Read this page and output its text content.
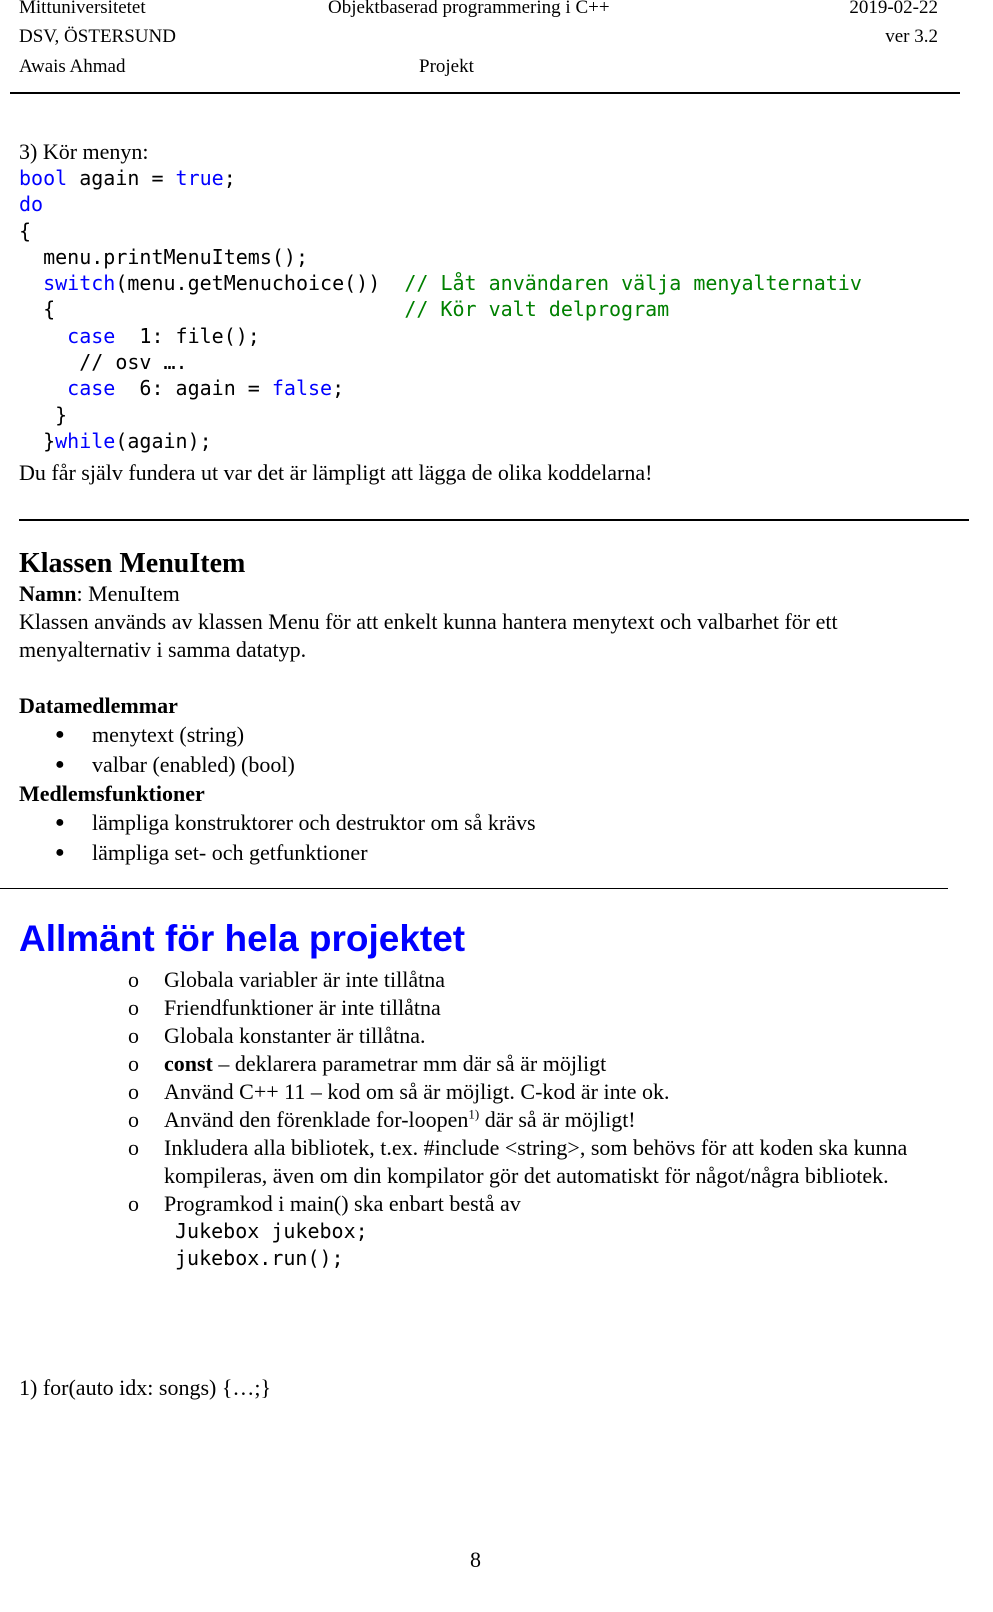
Mittuniversitetet
DSV, ÖSTERSUND
Awais Ahmad
Objektbaserad programmering i C++
Projekt
2019-02-22
ver 3.2
3) Kör menyn:
bool again = true;
do
{
menu.printMenuItems();
switch(menu.getMenuchoice())  // Låt användaren välja menyalternativ
{                             // Kör valt delprogram
case  1: file();
// osv ….
case  6: again = false;
}
}while(again);
Du får själv fundera ut var det är lämpligt att lägga de olika koddelarna!
Klassen MenuItem
Namn: MenuItem
Klassen används av klassen Menu för att enkelt kunna hantera menytext och valbarhet för ett menyalternativ i samma datatyp.
Datamedlemmar
● menytext (string)
● valbar (enabled) (bool)
Medlemsfunktioner
● lämpliga konstruktorer och destruktor om så krävs
● lämpliga set- och getfunktioner
Allmänt för hela projektet
o Globala variabler är inte tillåtna
o Friendfunktioner är inte tillåtna
o Globala konstanter är tillåtna.
o const – deklarera parametrar mm där så är möjligt
o Använd C++ 11 – kod om så är möjligt. C-kod är inte ok.
o Använd den förenklade for-loopen$^{1)}$ där så är möjligt!
o Inkludera alla bibliotek, t.ex. #include <string>, som behövs för att koden ska kunna kompileras, även om din kompilator gör det automatiskt för något/några bibliotek.
o Programkod i main() ska enbart bestå av
Jukebox jukebox;
jukebox.run();
1) for(auto idx: songs) {…;}
8
